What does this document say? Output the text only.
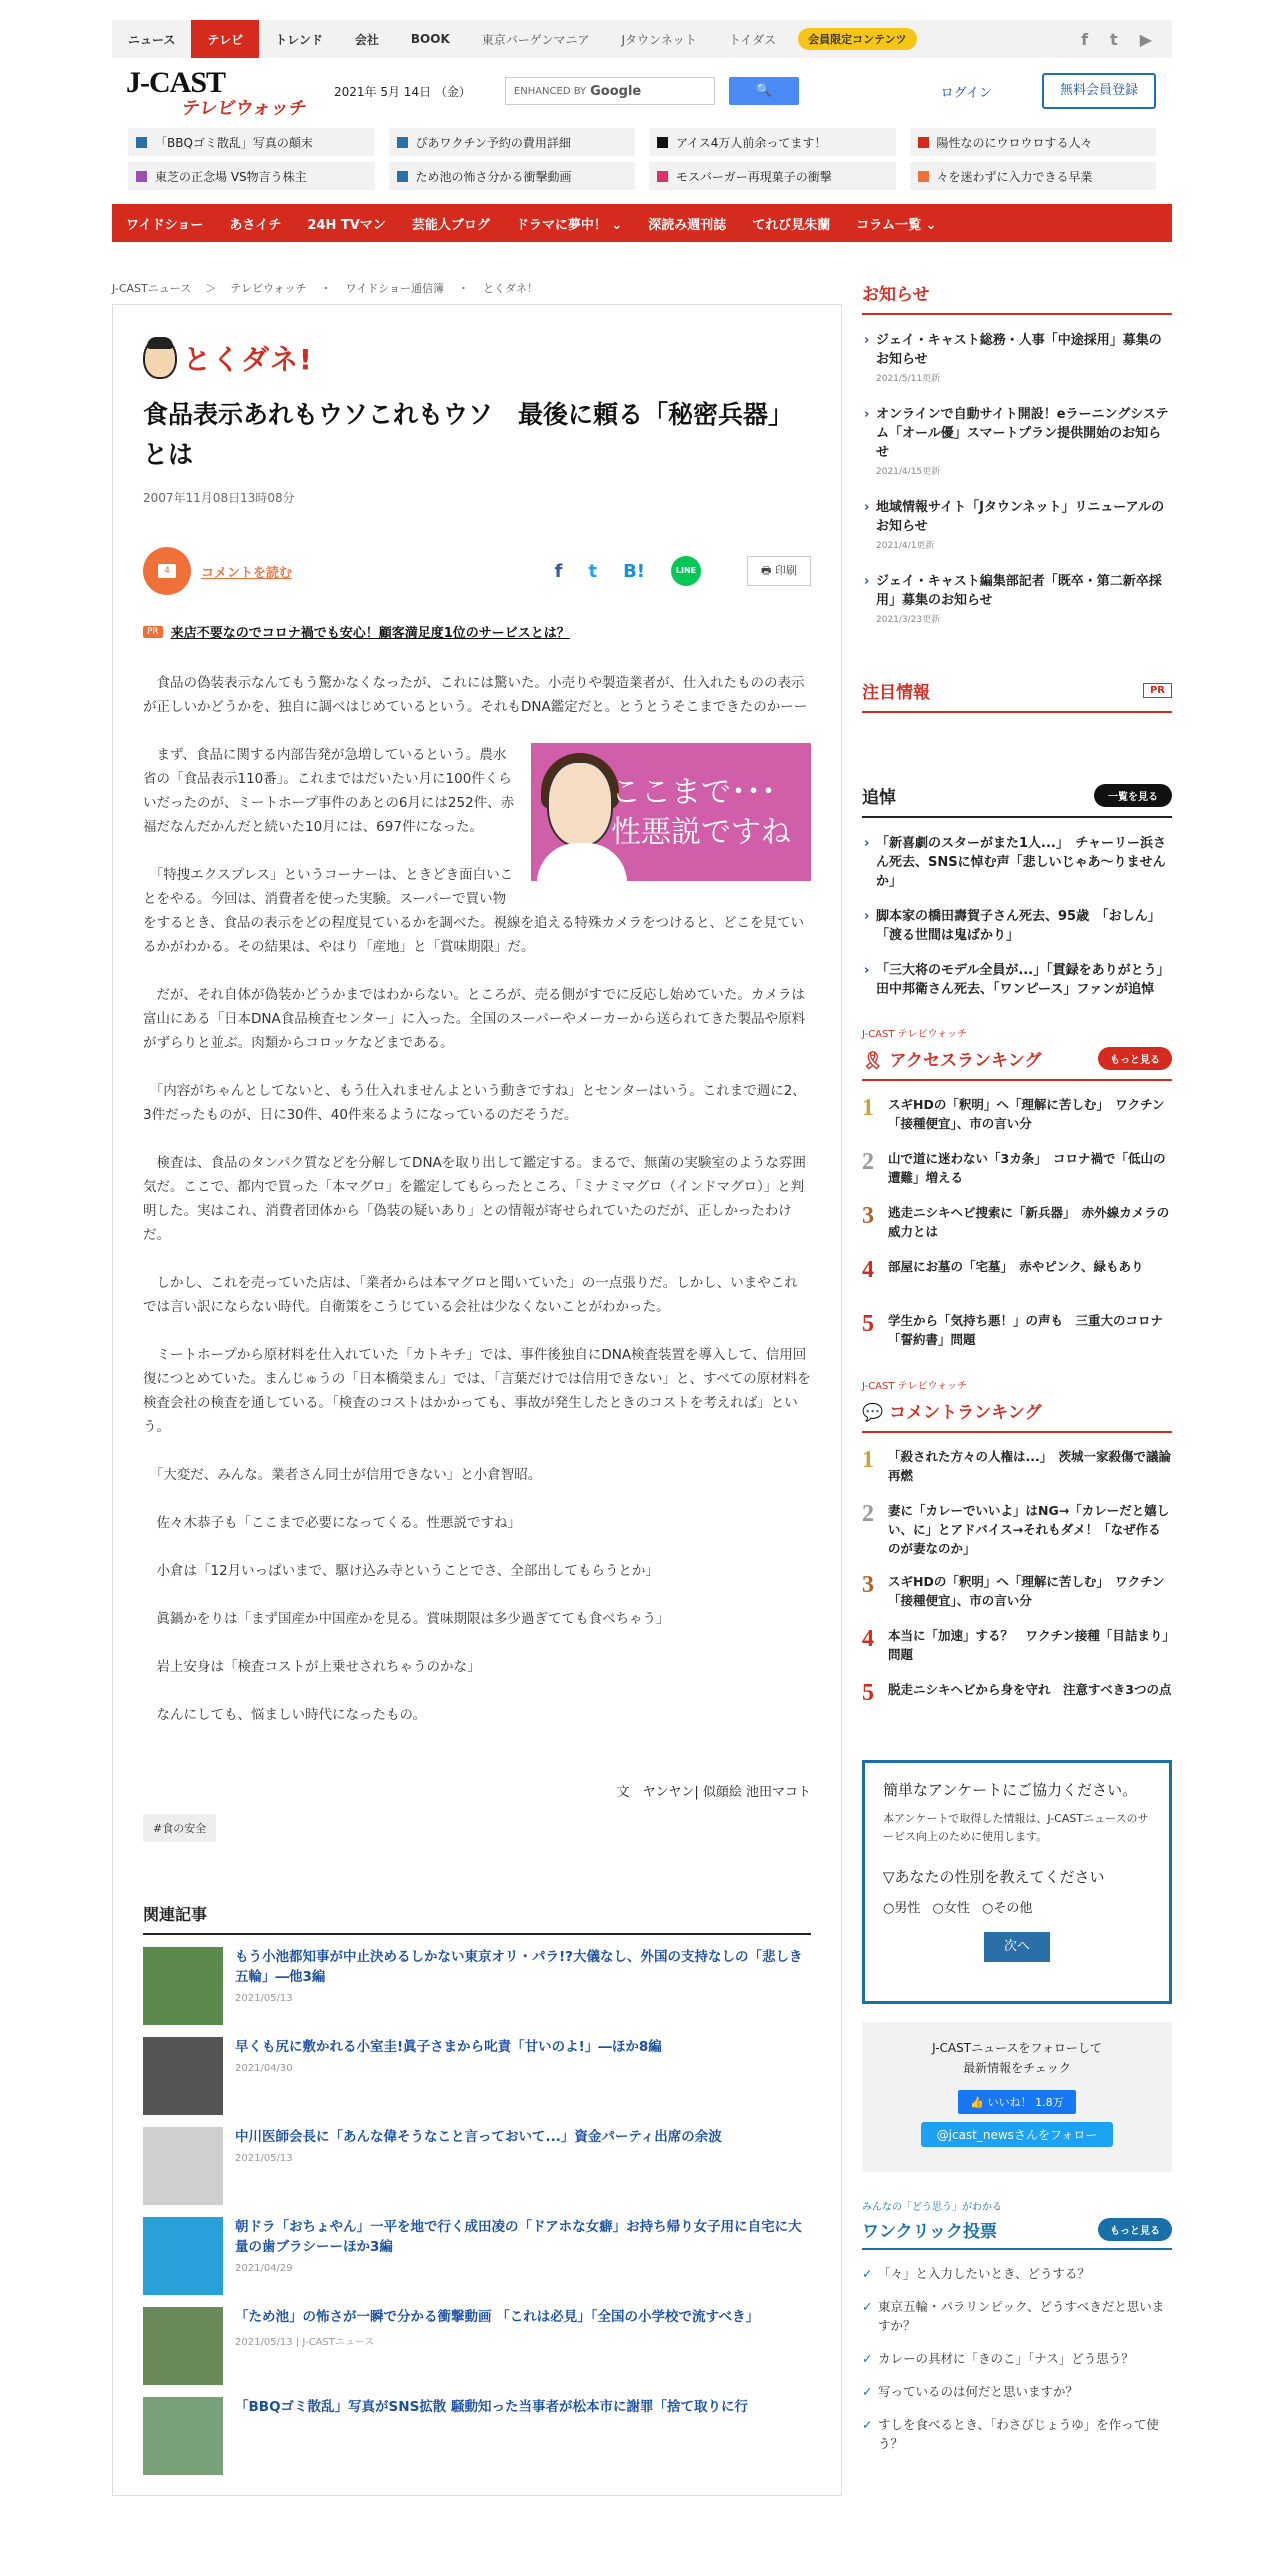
ニュース	テレビ	トレンド	会社	BOOK	東京バーゲンマニア	Jタウンネット	トイダス	会員限定コンテンツ	f t ▶
J-CAST
テレビウォッチ
2021年 5月 14日 （金）	ENHANCED BY Google	🔍	ログイン	無料会員登録
「BBQゴミ散乱」写真の顛末	ぴあワクチン予約の費用詳細	アイス4万人前余ってます！	陽性なのにウロウロする人々
東芝の正念場 VS物言う株主	ため池の怖さ分かる衝撃動画	モスバーガー再現菓子の衝撃	々を迷わずに入力できる早業
ワイドショー あさイチ 24H TVマン 芸能人ブログ ドラマに夢中！ ⌄ 深読み週刊誌 てれび見朱蘭 コラム一覧 ⌄
J-CASTニュース ＞ テレビウォッチ ・ ワイドショー通信簿 ・ とくダネ！
とくダネ!
食品表示あれもウソこれもウソ　最後に頼る「秘密兵器」とは
2007年11月08日13時08分
4	コメントを読む	f t B!	LINE	🖶 印刷
PR 来店不要なのでコロナ禍でも安心！顧客満足度1位のサービスとは？

　食品の偽装表示なんてもう驚かなくなったが、これには驚いた。小売りや製造業者が、仕入れたものの表示が正しいかどうかを、独自に調べはじめているという。それもDNA鑑定だと。とうとうそこまできたのかーー

ここまで･･･
性悪説ですね

　まず、食品に関する内部告発が急増しているという。農水省の「食品表示110番」。これまではだいたい月に100件くらいだったのが、ミートホープ事件のあとの6月には252件、赤福だなんだかんだと続いた10月には、697件になった。

　「特捜エクスプレス」というコーナーは、ときどき面白いことをやる。今回は、消費者を使った実験。スーパーで買い物をするとき、食品の表示をどの程度見ているかを調べた。視線を追える特殊カメラをつけると、どこを見ているかがわかる。その結果は、やはり「産地」と「賞味期限」だ。

　だが、それ自体が偽装かどうかまではわからない。ところが、売る側がすでに反応し始めていた。カメラは富山にある「日本DNA食品検査センター」に入った。全国のスーパーやメーカーから送られてきた製品や原料がずらりと並ぶ。肉類からコロッケなどまである。

　「内容がちゃんとしてないと、もう仕入れませんよという動きですね」とセンターはいう。これまで週に2、3件だったものが、日に30件、40件来るようになっているのだそうだ。

　検査は、食品のタンパク質などを分解してDNAを取り出して鑑定する。まるで、無菌の実験室のような雰囲気だ。ここで、都内で買った「本マグロ」を鑑定してもらったところ、「ミナミマグロ（インドマグロ）」と判明した。実はこれ、消費者団体から「偽装の疑いあり」との情報が寄せられていたのだが、正しかったわけだ。

　しかし、これを売っていた店は、「業者からは本マグロと聞いていた」の一点張りだ。しかし、いまやこれでは言い訳にならない時代。自衛策をこうじている会社は少なくないことがわかった。

　ミートホープから原材料を仕入れていた「カトキチ」では、事件後独自にDNA検査装置を導入して、信用回復につとめていた。まんじゅうの「日本橋榮まん」では、「言葉だけでは信用できない」と、すべての原材料を検査会社の検査を通している。「検査のコストはかかっても、事故が発生したときのコストを考えれば」という。

　「大変だ、みんな。業者さん同士が信用できない」と小倉智昭。

　佐々木恭子も「ここまで必要になってくる。性悪説ですね」

　小倉は「12月いっぱいまで、駆け込み寺ということでさ、全部出してもらうとか」

　眞鍋かをりは「まず国産か中国産かを見る。賞味期限は多少過ぎてても食べちゃう」

　岩上安身は「検査コストが上乗せされちゃうのかな」

　なんにしても、悩ましい時代になったもの。

文　ヤンヤン| 似顔絵 池田マコト
#食の安全
関連記事
もう小池都知事が中止決めるしかない東京オリ・パラ!?大儀なし、外国の支持なしの「悲しき五輪」―他3編
2021/05/13
早くも尻に敷かれる小室圭!眞子さまから叱責「甘いのよ!」―ほか8編
2021/04/30
中川医師会長に「あんな偉そうなこと言っておいて...」資金パーティ出席の余波
2021/05/13
朝ドラ「おちょやん」一平を地で行く成田凌の「ドアホな女癖」お持ち帰り女子用に自宅に大量の歯ブラシーーほか3編
2021/04/29
「ため池」の怖さが一瞬で分かる衝撃動画 「これは必見」「全国の小学校で流すべき」
2021/05/13 | J-CASTニュース
「BBQゴミ散乱」写真がSNS拡散 騒動知った当事者が松本市に謝罪「捨て取りに行
お知らせ
› ジェイ・キャスト総務・人事「中途採用」募集のお知らせ
2021/5/11更新
› オンラインで自動サイト開設！eラーニングシステム「オール優」スマートプラン提供開始のお知らせ
2021/4/15更新
› 地域情報サイト「Jタウンネット」リニューアルのお知らせ
2021/4/1更新
› ジェイ・キャスト編集部記者「既卒・第二新卒採用」募集のお知らせ
2021/3/23更新
注目情報	PR
追悼	一覧を見る
› 「新喜劇のスターがまた1人...」　チャーリー浜さん死去、SNSに悼む声「悲しいじゃあ～りませんか」
› 脚本家の橋田壽賀子さん死去、95歳　「おしん」「渡る世間は鬼ばかり」
› 「三大将のモデル全員が...」「貫録をありがとう」　田中邦衛さん死去、「ワンピース」ファンが追悼
J-CAST テレビウォッチ
🎗 アクセスランキング	もっと見る
1	スギHDの「釈明」へ「理解に苦しむ」　ワクチン「接種便宜」、市の言い分
2	山で道に迷わない「3カ条」　コロナ禍で「低山の遭難」増える
3	逃走ニシキヘビ捜索に「新兵器」　赤外線カメラの威力とは
4	部屋にお墓の「宅墓」　赤やピンク、緑もあり
5	学生から「気持ち悪！」の声も　三重大のコロナ「誓約書」問題
J-CAST テレビウォッチ
💬 コメントランキング
1	「殺された方々の人権は...」　茨城一家殺傷で議論再燃
2	妻に「カレーでいいよ」はNG→「カレーだと嬉しい、に」とアドバイス→それもダメ！「なぜ作るのが妻なのか」
3	スギHDの「釈明」へ「理解に苦しむ」　ワクチン「接種便宜」、市の言い分
4	本当に「加速」する？　ワクチン接種「目詰まり」問題
5	脱走ニシキヘビから身を守れ　注意すべき3つの点
簡単なアンケートにご協力ください。
本アンケートで取得した情報は、J-CASTニュースのサービス向上のために使用します。
▽あなたの性別を教えてください
○男性 ○女性 ○その他
次へ
J-CASTニュースをフォローして
最新情報をチェック
👍 いいね！ 1.8万
@jcast_newsさんをフォロー
みんなの「どう思う」がわかる
ワンクリック投票	もっと見る
✓ 「々」と入力したいとき、どうする？
✓ 東京五輪・パラリンピック、どうすべきだと思いますか？
✓ カレーの具材に「きのこ」「ナス」どう思う？
✓ 写っているのは何だと思いますか？
✓ すしを食べるとき、「わさびじょうゆ」を作って使う？
